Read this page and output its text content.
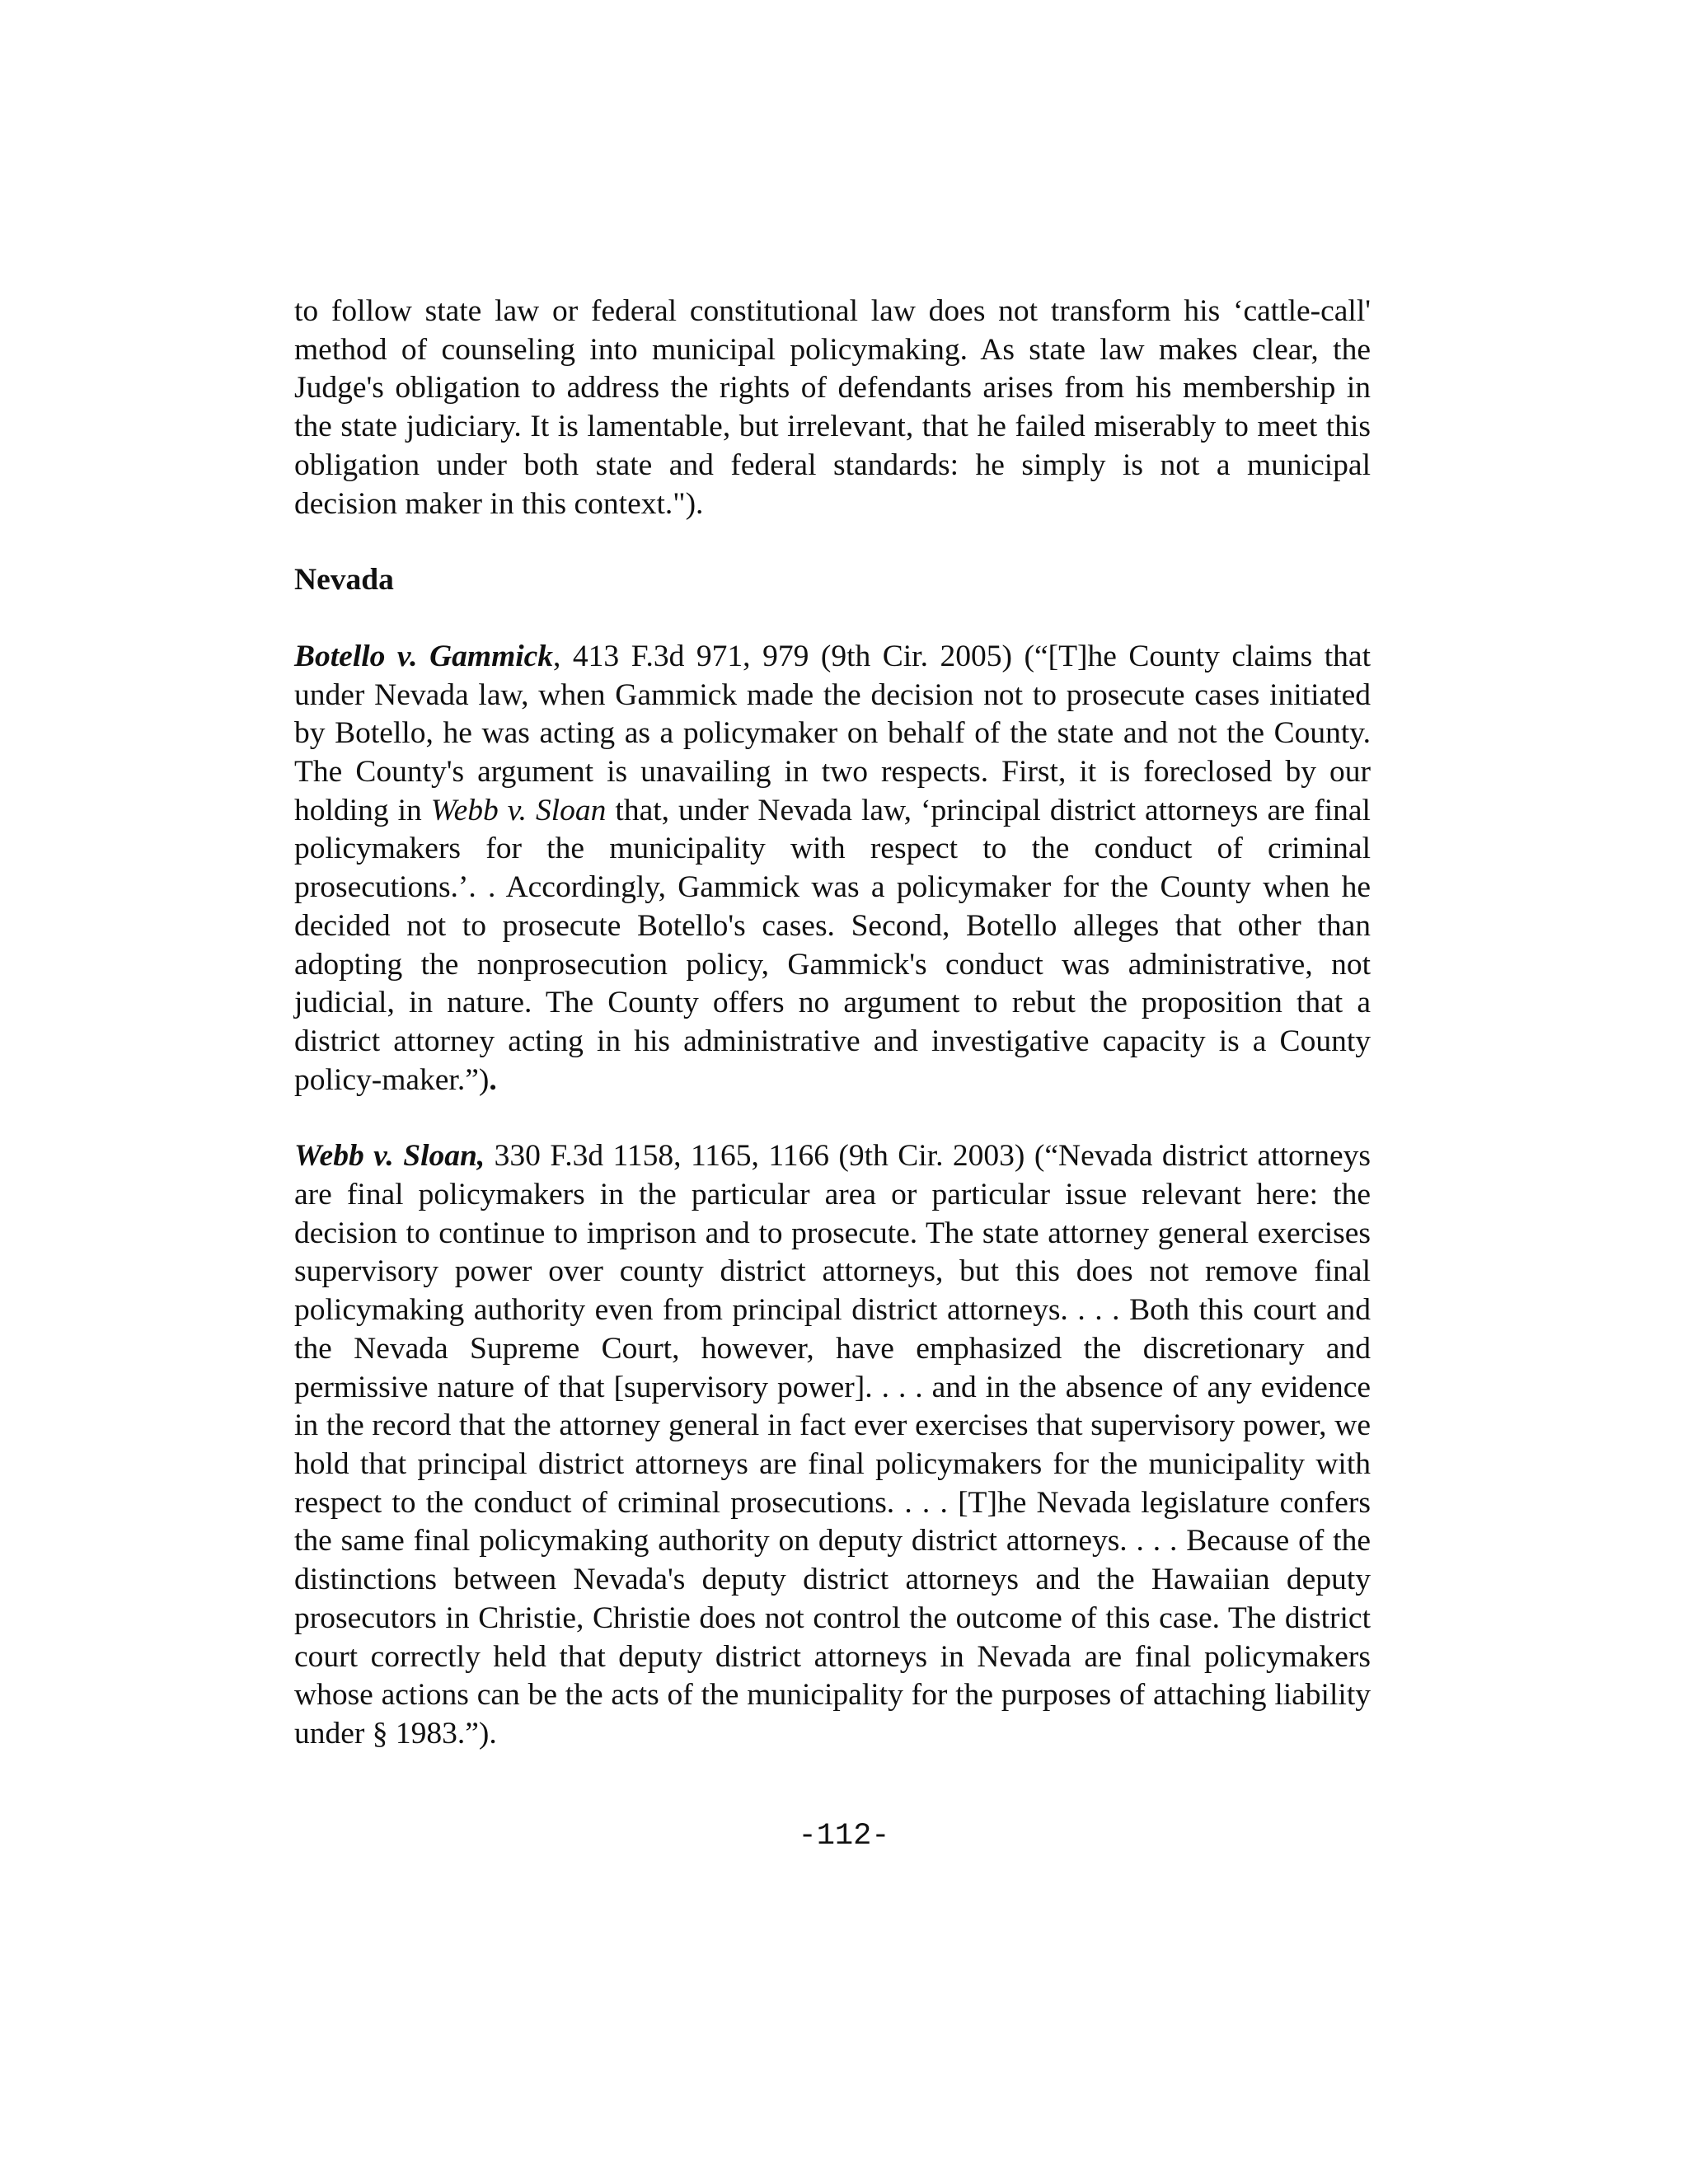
to follow state law or federal constitutional law does not transform his ‘cattle-call' method of counseling into municipal policymaking. As state law makes clear, the Judge's obligation to address the rights of defendants arises from his membership in the state judiciary. It is lamentable, but irrelevant, that he failed miserably to meet this obligation under both state and federal standards: he simply is not a municipal decision maker in this context.").

Nevada

Botello v. Gammick, 413 F.3d 971, 979 (9th Cir. 2005) (“[T]he County claims that under Nevada law, when Gammick made the decision not to prosecute cases initiated by Botello, he was acting as a policymaker on behalf of the state and not the County. The County's argument is unavailing in two respects. First, it is foreclosed by our holding in Webb v. Sloan that, under Nevada law, ‘principal district attorneys are final policymakers for the municipality with respect to the conduct of criminal prosecutions.’. . Accordingly, Gammick was a policymaker for the County when he decided not to prosecute Botello's cases. Second, Botello alleges that other than adopting the nonprosecution policy, Gammick's conduct was administrative, not judicial, in nature. The County offers no argument to rebut the proposition that a district attorney acting in his administrative and investigative capacity is a County policy-maker.”).

Webb v. Sloan, 330 F.3d 1158, 1165, 1166 (9th Cir. 2003) (“Nevada district attorneys are final policymakers in the particular area or particular issue relevant here: the decision to continue to imprison and to prosecute. The state attorney general exercises supervisory power over county district attorneys, but this does not remove final policymaking authority even from principal district attorneys. . . . Both this court and the Nevada Supreme Court, however, have emphasized the discretionary and permissive nature of that [supervisory power]. . . . and in the absence of any evidence in the record that the attorney general in fact ever exercises that supervisory power, we hold that principal district attorneys are final policymakers for the municipality with respect to the conduct of criminal prosecutions. . . . [T]he Nevada legislature confers the same final policymaking authority on deputy district attorneys. . . . Because of the distinctions between Nevada's deputy district attorneys and the Hawaiian deputy prosecutors in Christie, Christie does not control the outcome of this case. The district court correctly held that deputy district attorneys in Nevada are final policymakers whose actions can be the acts of the municipality for the purposes of attaching liability under § 1983.”).

-112-
